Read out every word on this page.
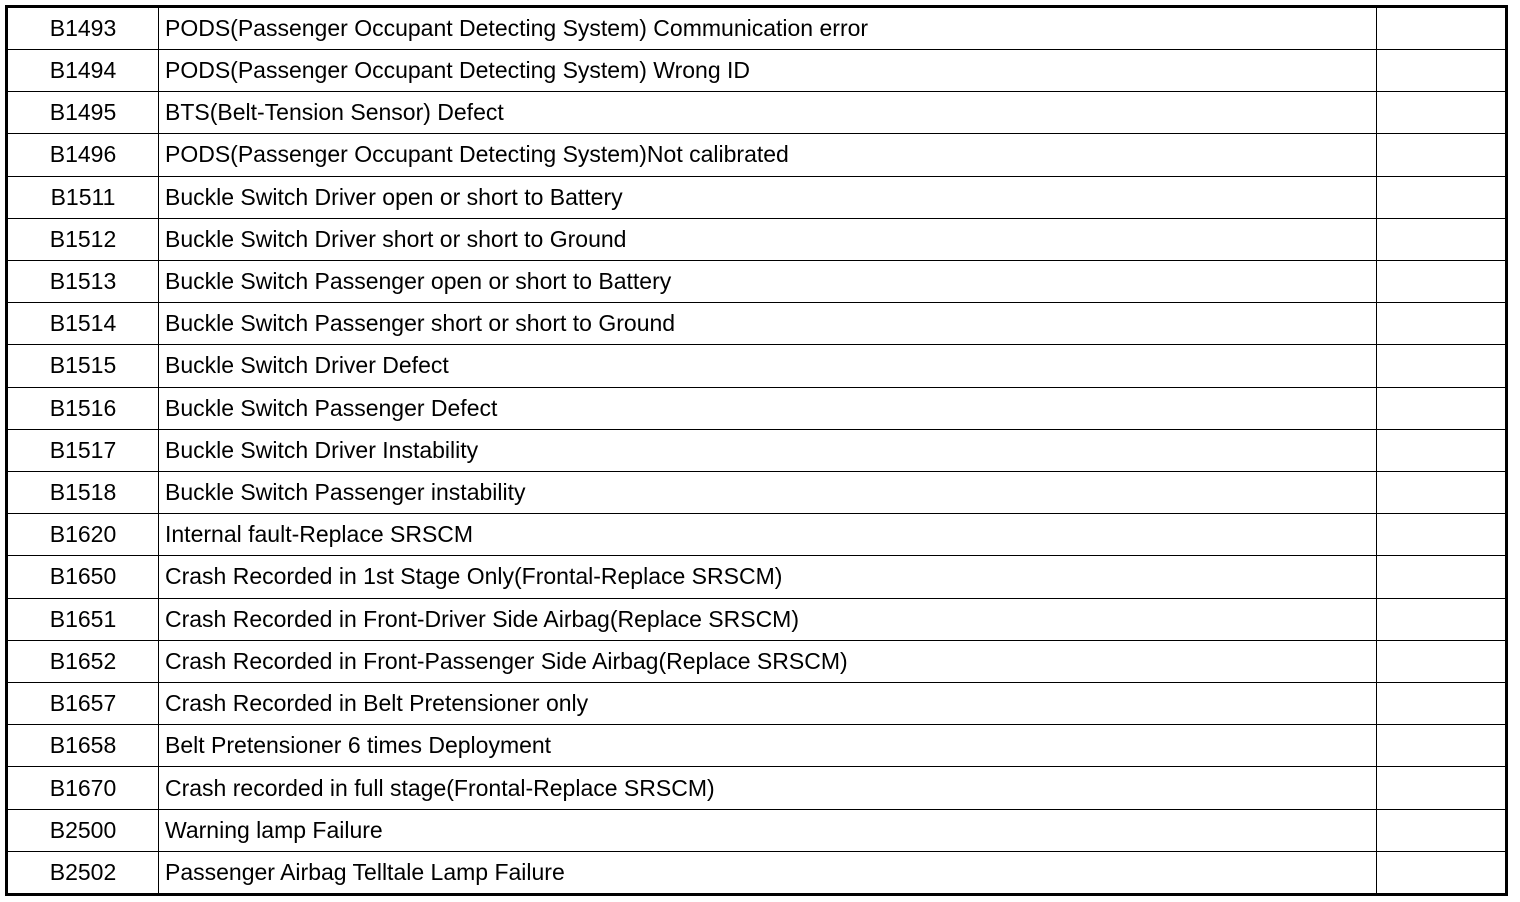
B1493	PODS(Passenger Occupant Detecting System) Communication error	
B1494	PODS(Passenger Occupant Detecting System) Wrong ID	
B1495	BTS(Belt-Tension Sensor) Defect	
B1496	PODS(Passenger Occupant Detecting System)Not calibrated	
B1511	Buckle Switch Driver open or short to Battery	
B1512	Buckle Switch Driver short or short to Ground	
B1513	Buckle Switch Passenger open or short to Battery	
B1514	Buckle Switch Passenger short or short to Ground	
B1515	Buckle Switch Driver Defect	
B1516	Buckle Switch Passenger Defect	
B1517	Buckle Switch Driver Instability	
B1518	Buckle Switch Passenger instability	
B1620	Internal fault-Replace SRSCM	
B1650	Crash Recorded in 1st Stage Only(Frontal-Replace SRSCM)	
B1651	Crash Recorded in Front-Driver Side Airbag(Replace SRSCM)	
B1652	Crash Recorded in Front-Passenger Side Airbag(Replace SRSCM)	
B1657	Crash Recorded in Belt Pretensioner only	
B1658	Belt Pretensioner 6 times Deployment	
B1670	Crash recorded in full stage(Frontal-Replace SRSCM)	
B2500	Warning lamp Failure	
B2502	Passenger Airbag Telltale Lamp Failure	
